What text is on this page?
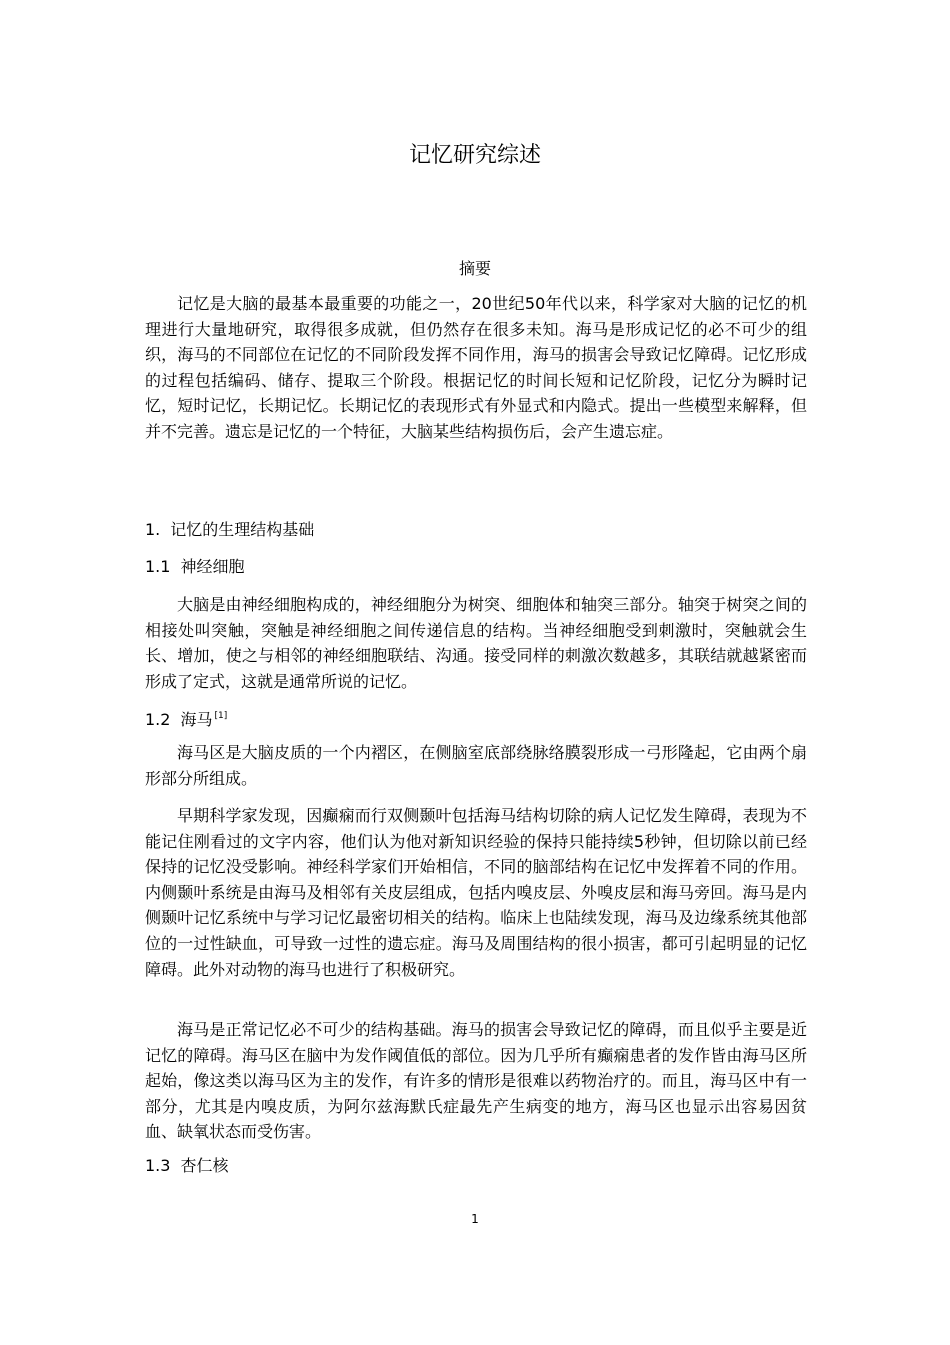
记忆研究综述
摘要

记忆是大脑的最基本最重要的功能之一，20世纪50年代以来，科学家对大脑的记忆的机理进行大量地研究，取得很多成就，但仍然存在很多未知。海马是形成记忆的必不可少的组织，海马的不同部位在记忆的不同阶段发挥不同作用，海马的损害会导致记忆障碍。记忆形成的过程包括编码、储存、提取三个阶段。根据记忆的时间长短和记忆阶段，记忆分为瞬时记忆，短时记忆，长期记忆。长期记忆的表现形式有外显式和内隐式。提出一些模型来解释，但并不完善。遗忘是记忆的一个特征，大脑某些结构损伤后，会产生遗忘症。

1. 记忆的生理结构基础
1.1 神经细胞

大脑是由神经细胞构成的，神经细胞分为树突、细胞体和轴突三部分。轴突于树突之间的相接处叫突触，突触是神经细胞之间传递信息的结构。当神经细胞受到刺激时，突触就会生长、增加，使之与相邻的神经细胞联结、沟通。接受同样的刺激次数越多，其联结就越紧密而形成了定式，这就是通常所说的记忆。

1.2 海马 [1]

海马区是大脑皮质的一个内褶区，在侧脑室底部绕脉络膜裂形成一弓形隆起，它由两个扇形部分所组成。

早期科学家发现，因癫痫而行双侧颞叶包括海马结构切除的病人记忆发生障碍，表现为不能记住刚看过的文字内容，他们认为他对新知识经验的保持只能持续5秒钟，但切除以前已经保持的记忆没受影响。神经科学家们开始相信，不同的脑部结构在记忆中发挥着不同的作用。内侧颞叶系统是由海马及相邻有关皮层组成，包括内嗅皮层、外嗅皮层和海马旁回。海马是内侧颞叶记忆系统中与学习记忆最密切相关的结构。临床上也陆续发现，海马及边缘系统其他部位的一过性缺血，可导致一过性的遗忘症。海马及周围结构的很小损害，都可引起明显的记忆障碍。此外对动物的海马也进行了积极研究。

海马是正常记忆必不可少的结构基础。海马的损害会导致记忆的障碍，而且似乎主要是近记忆的障碍。海马区在脑中为发作阈值低的部位。因为几乎所有癫痫患者的发作皆由海马区所起始，像这类以海马区为主的发作，有许多的情形是很难以药物治疗的。而且，海马区中有一部分，尤其是内嗅皮质，为阿尔兹海默氏症最先产生病变的地方，海马区也显示出容易因贫血、缺氧状态而受伤害。

1.3 杏仁核
1
